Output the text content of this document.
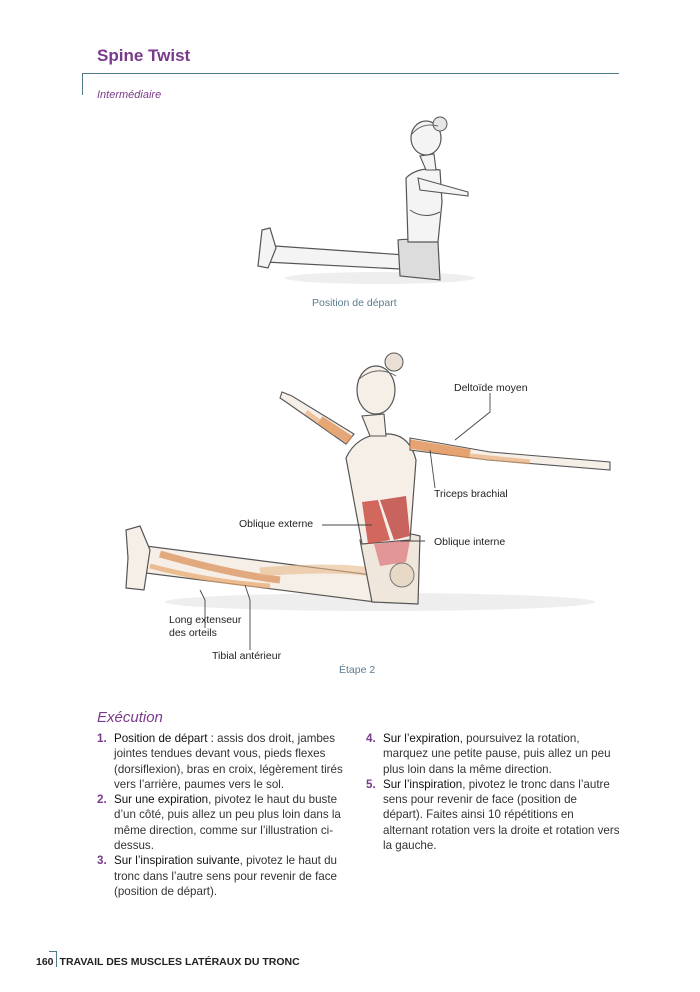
Spine Twist
Intermédiaire
Position de départ
Deltoïde moyen
Triceps brachial
Oblique externe
Oblique interne
Long extenseur
des orteils
Tibial antérieur
Étape 2
Exécution

1. Position de départ : assis dos droit, jambes jointes tendues devant vous, pieds flexes (dorsiflexion), bras en croix, légèrement tirés vers l’arrière, paumes vers le sol.

2. Sur une expiration, pivotez le haut du buste d’un côté, puis allez un peu plus loin dans la même direction, comme sur l’illustration ci-dessus.

3. Sur l’inspiration suivante, pivotez le haut du tronc dans l’autre sens pour revenir de face (position de départ).

4. Sur l’expiration, poursuivez la rotation, marquez une petite pause, puis allez un peu plus loin dans la même direction.

5. Sur l’inspiration, pivotez le tronc dans l’autre sens pour revenir de face (position de départ). Faites ainsi 10 répétitions en alternant rotation vers la droite et rotation vers la gauche.

160 TRAVAIL DES MUSCLES LATÉRAUX DU TRONC
